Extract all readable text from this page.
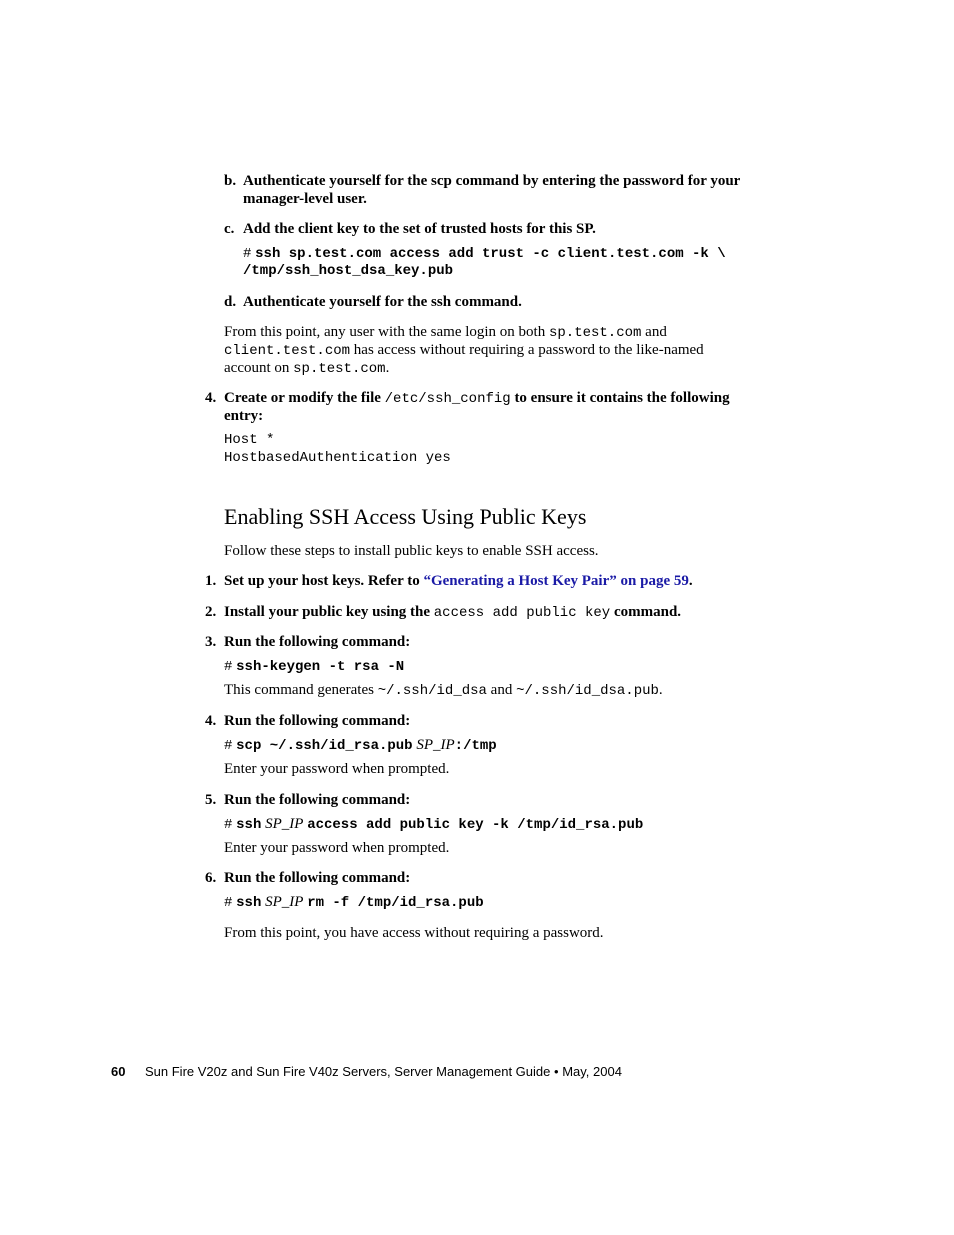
b. Authenticate yourself for the scp command by entering the password for your
manager-level user.
c. Add the client key to the set of trusted hosts for this SP.
# ssh sp.test.com access add trust -c client.test.com -k \
/tmp/ssh_host_dsa_key.pub
d. Authenticate yourself for the ssh command.
From this point, any user with the same login on both sp.test.com and
client.test.com has access without requiring a password to the like-named
account on sp.test.com.
4. Create or modify the file /etc/ssh_config to ensure it contains the following
entry:
Host *
HostbasedAuthentication yes
Enabling SSH Access Using Public Keys
Follow these steps to install public keys to enable SSH access.
1. Set up your host keys. Refer to “Generating a Host Key Pair” on page 59.
2. Install your public key using the access add public key command.
3. Run the following command:
# ssh-keygen -t rsa -N
This command generates ~/.ssh/id_dsa and ~/.ssh/id_dsa.pub.
4. Run the following command:
# scp ~/.ssh/id_rsa.pub SP_IP:/tmp
Enter your password when prompted.
5. Run the following command:
# ssh SP_IP access add public key -k /tmp/id_rsa.pub
Enter your password when prompted.
6. Run the following command:
# ssh SP_IP rm -f /tmp/id_rsa.pub
From this point, you have access without requiring a password.
60 Sun Fire V20z and Sun Fire V40z Servers, Server Management Guide • May, 2004
